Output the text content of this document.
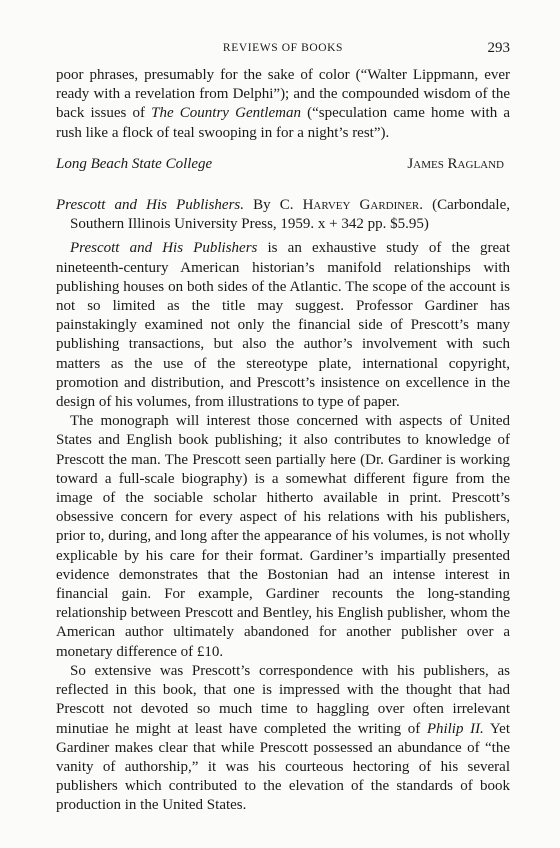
REVIEWS OF BOOKS	293

poor phrases, presumably for the sake of color (“Walter Lippmann, ever ready with a revelation from Delphi”); and the compounded wisdom of the back issues of The Country Gentleman (“speculation came home with a rush like a flock of teal swooping in for a night’s rest”).

Long Beach State College	James Ragland

Prescott and His Publishers. By C. Harvey Gardiner. (Carbondale, Southern Illinois University Press, 1959. x + 342 pp. $5.95)

Prescott and His Publishers is an exhaustive study of the great nineteenth-century American historian’s manifold relationships with publishing houses on both sides of the Atlantic. The scope of the account is not so limited as the title may suggest. Professor Gardiner has painstakingly examined not only the financial side of Prescott’s many publishing transactions, but also the author’s involvement with such matters as the use of the stereotype plate, international copyright, promotion and distribution, and Prescott’s insistence on excellence in the design of his volumes, from illustrations to type of paper.

The monograph will interest those concerned with aspects of United States and English book publishing; it also contributes to knowledge of Prescott the man. The Prescott seen partially here (Dr. Gardiner is working toward a full-scale biography) is a somewhat different figure from the image of the sociable scholar hitherto available in print. Prescott’s obsessive concern for every aspect of his relations with his publishers, prior to, during, and long after the appearance of his volumes, is not wholly explicable by his care for their format. Gardiner’s impartially presented evidence demonstrates that the Bostonian had an intense interest in financial gain. For example, Gardiner recounts the long-standing relationship between Prescott and Bentley, his English publisher, whom the American author ultimately abandoned for another publisher over a monetary difference of £10.

So extensive was Prescott’s correspondence with his publishers, as reflected in this book, that one is impressed with the thought that had Prescott not devoted so much time to haggling over often irrelevant minutiae he might at least have completed the writing of Philip II. Yet Gardiner makes clear that while Prescott possessed an abundance of “the vanity of authorship,” it was his courteous hectoring of his several publishers which contributed to the elevation of the standards of book production in the United States.
